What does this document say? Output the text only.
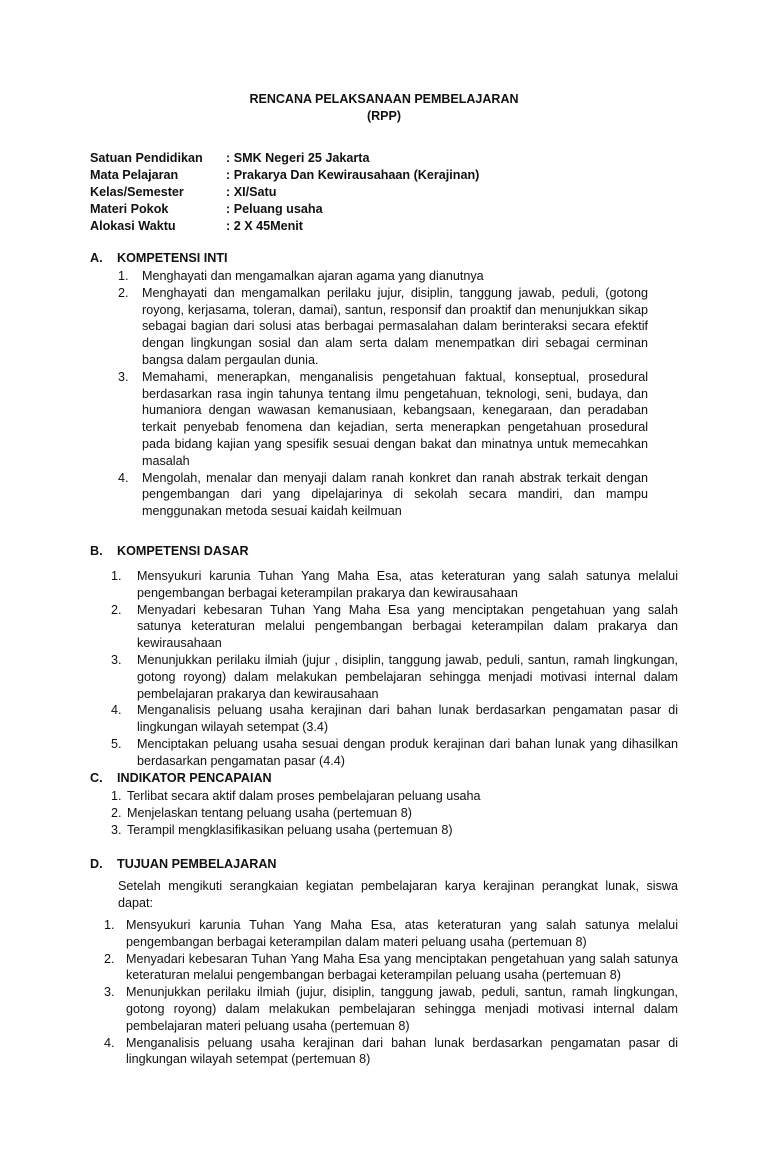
RENCANA PELAKSANAAN PEMBELAJARAN
(RPP)
Satuan Pendidikan	: SMK Negeri 25 Jakarta
Mata Pelajaran	: Prakarya Dan Kewirausahaan (Kerajinan)
Kelas/Semester	: XI/Satu
Materi Pokok	: Peluang usaha
Alokasi Waktu	: 2 X 45Menit
A.	KOMPETENSI INTI
1.	Menghayati dan mengamalkan ajaran agama yang dianutnya
2.	Menghayati dan mengamalkan perilaku jujur, disiplin, tanggung jawab, peduli, (gotong royong, kerjasama, toleran, damai), santun, responsif dan proaktif dan menunjukkan sikap sebagai bagian dari solusi atas berbagai permasalahan dalam berinteraksi secara efektif dengan lingkungan sosial dan alam serta dalam menempatkan diri sebagai cerminan bangsa dalam pergaulan dunia.
3.	Memahami, menerapkan, menganalisis pengetahuan faktual, konseptual, prosedural berdasarkan rasa ingin tahunya tentang ilmu pengetahuan, teknologi, seni, budaya, dan humaniora dengan wawasan kemanusiaan, kebangsaan, kenegaraan, dan peradaban terkait penyebab fenomena dan kejadian, serta menerapkan pengetahuan prosedural pada bidang kajian yang spesifik sesuai dengan bakat dan minatnya untuk memecahkan masalah
4.	Mengolah, menalar dan menyaji dalam ranah konkret dan ranah abstrak terkait dengan pengembangan dari yang dipelajarinya di sekolah secara mandiri, dan mampu menggunakan metoda sesuai kaidah keilmuan
B.	KOMPETENSI DASAR
1.	Mensyukuri karunia Tuhan Yang Maha Esa, atas keteraturan yang salah satunya melalui pengembangan berbagai keterampilan prakarya dan kewirausahaan
2.	Menyadari kebesaran Tuhan Yang Maha Esa yang menciptakan pengetahuan yang salah satunya keteraturan melalui pengembangan berbagai keterampilan dalam prakarya dan kewirausahaan
3.	Menunjukkan perilaku ilmiah (jujur , disiplin, tanggung jawab, peduli, santun, ramah lingkungan, gotong royong) dalam melakukan pembelajaran sehingga menjadi motivasi internal dalam pembelajaran prakarya dan kewirausahaan
4.	Menganalisis peluang usaha kerajinan dari bahan lunak berdasarkan pengamatan pasar di lingkungan wilayah setempat (3.4)
5.	Menciptakan peluang usaha sesuai dengan produk kerajinan dari bahan lunak yang dihasilkan berdasarkan pengamatan pasar (4.4)
C.	INDIKATOR PENCAPAIAN
1. Terlibat secara aktif dalam proses pembelajaran peluang usaha
2. Menjelaskan tentang peluang usaha (pertemuan 8)
3. Terampil mengklasifikasikan peluang usaha (pertemuan 8)
D.	TUJUAN PEMBELAJARAN
Setelah mengikuti serangkaian kegiatan pembelajaran karya kerajinan perangkat lunak, siswa dapat:
1. Mensyukuri karunia Tuhan Yang Maha Esa, atas keteraturan yang salah satunya melalui pengembangan berbagai keterampilan dalam materi peluang usaha (pertemuan 8)
2. Menyadari kebesaran Tuhan Yang Maha Esa yang menciptakan pengetahuan yang salah satunya keteraturan melalui pengembangan berbagai keterampilan peluang usaha (pertemuan 8)
3. Menunjukkan perilaku ilmiah (jujur, disiplin, tanggung jawab, peduli, santun, ramah lingkungan, gotong royong) dalam melakukan pembelajaran sehingga menjadi motivasi internal dalam pembelajaran materi peluang usaha (pertemuan 8)
4. Menganalisis peluang usaha kerajinan dari bahan lunak berdasarkan pengamatan pasar di lingkungan wilayah setempat (pertemuan 8)
